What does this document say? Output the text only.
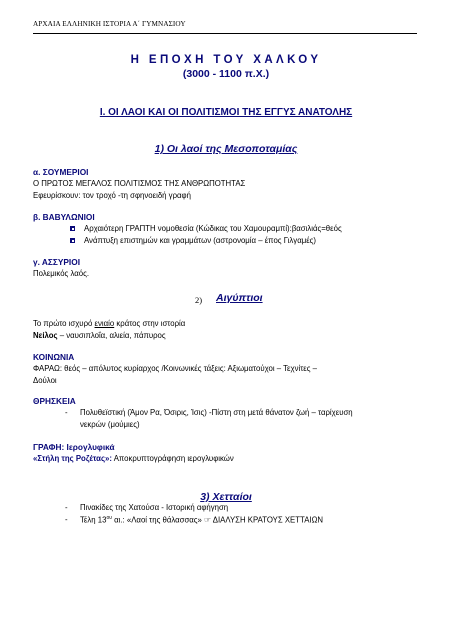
ΑΡΧΑΙΑ ΕΛΛΗΝΙΚΗ ΙΣΤΟΡΙΑ Α΄ ΓΥΜΝΑΣΙΟΥ
Η ΕΠΟΧΗ ΤΟΥ ΧΑΛΚΟΥ
(3000 - 1100 π.Χ.)
Ι. ΟΙ ΛΑΟΙ ΚΑΙ ΟΙ ΠΟΛΙΤΙΣΜΟΙ ΤΗΣ ΕΓΓΥΣ ΑΝΑΤΟΛΗΣ
1) Οι λαοί της Μεσοποταμίας
α. ΣΟΥΜΕΡΙΟΙ
Ο ΠΡΩΤΟΣ ΜΕΓΑΛΟΣ ΠΟΛΙΤΙΣΜΟΣ ΤΗΣ ΑΝΘΡΩΠΟΤΗΤΑΣ
Εφευρίσκουν: τον τροχό -τη σφηνοειδή γραφή
β. ΒΑΒΥΛΩΝΙΟΙ
Αρχαιότερη ΓΡΑΠΤΗ νομοθεσία (Κώδικας του Χαμουραμπί):βασιλιάς=θεός
Ανάπτυξη επιστημών και γραμμάτων (αστρονομία – έπος Γιλγαμές)
γ. ΑΣΣΥΡΙΟΙ
Πολεμικός λαός.
2) Αιγύπτιοι
Το πρώτο ισχυρό ενιαίο κράτος στην ιστορία
Νείλος – ναυσιπλοΐα, αλιεία, πάπυρος
ΚΟΙΝΩΝΙΑ
ΦΑΡΑΩ: θεός – απόλυτος κυρίαρχος /Κοινωνικές τάξεις: Αξιωματούχοι – Τεχνίτες –
Δούλοι
ΘΡΗΣΚΕΙΑ
- Πολυθεϊστική (Άμον Ρα, Όσιρις, Ίσις) -Πίστη στη μετά θάνατον ζωή – ταρίχευση
νεκρών (μούμιες)
ΓΡΑΦΗ: Ιερογλυφικά
«Στήλη της Ροζέτας»: Αποκρυπτογράφηση ιερογλυφικών
3) Χετταίοι
- Πινακίδες της Χατούσα - Ιστορική αφήγηση
- Τέλη $13^{o\upsilon}$ αι.: «Λαοί της θάλασσας» ☞ ΔΙΑΛΥΣΗ ΚΡΑΤΟΥΣ ΧΕΤΤΑΙΩΝ
